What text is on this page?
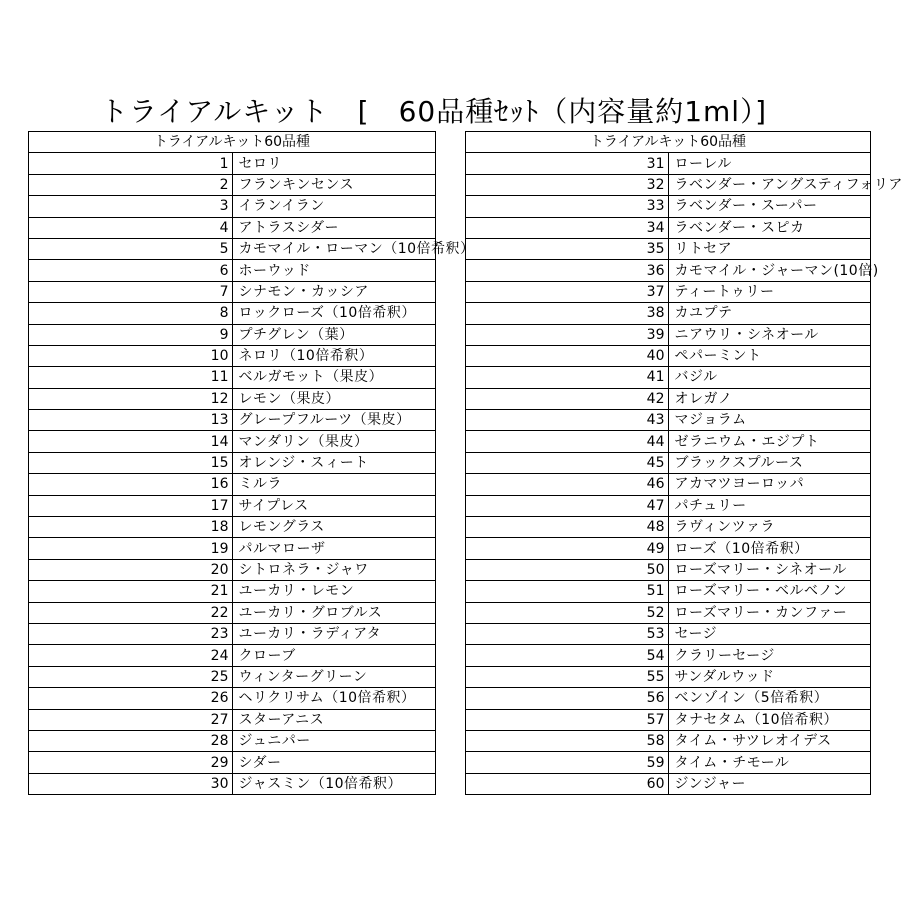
トライアルキット　[　60品種ｾｯﾄ（内容量約1ml）]
トライアルキット60品種	
1	セロリ
2	フランキンセンス
3	イランイラン
4	アトラスシダー
5	カモマイル・ローマン（10倍希釈）
6	ホーウッド
7	シナモン・カッシア
8	ロックローズ（10倍希釈）
9	プチグレン（葉）
10	ネロリ（10倍希釈）
11	ベルガモット（果皮）
12	レモン（果皮）
13	グレープフルーツ（果皮）
14	マンダリン（果皮）
15	オレンジ・スィート
16	ミルラ
17	サイプレス
18	レモングラス
19	パルマローザ
20	シトロネラ・ジャワ
21	ユーカリ・レモン
22	ユーカリ・グロブルス
23	ユーカリ・ラディアタ
24	クローブ
25	ウィンターグリーン
26	ヘリクリサム（10倍希釈）
27	スターアニス
28	ジュニパー
29	シダー
30	ジャスミン（10倍希釈）
トライアルキット60品種	
31	ローレル
32	ラベンダー・アングスティフォリア
33	ラベンダー・スーパー
34	ラベンダー・スピカ
35	リトセア
36	カモマイル・ジャーマン(10倍)
37	ティートゥリー
38	カユプテ
39	ニアウリ・シネオール
40	ペパーミント
41	バジル
42	オレガノ
43	マジョラム
44	ゼラニウム・エジプト
45	ブラックスプルース
46	アカマツヨーロッパ
47	パチュリー
48	ラヴィンツァラ
49	ローズ（10倍希釈）
50	ローズマリー・シネオール
51	ローズマリー・ベルベノン
52	ローズマリー・カンファー
53	セージ
54	クラリーセージ
55	サンダルウッド
56	ベンゾイン（5倍希釈）
57	タナセタム（10倍希釈）
58	タイム・サツレオイデス
59	タイム・チモール
60	ジンジャー
